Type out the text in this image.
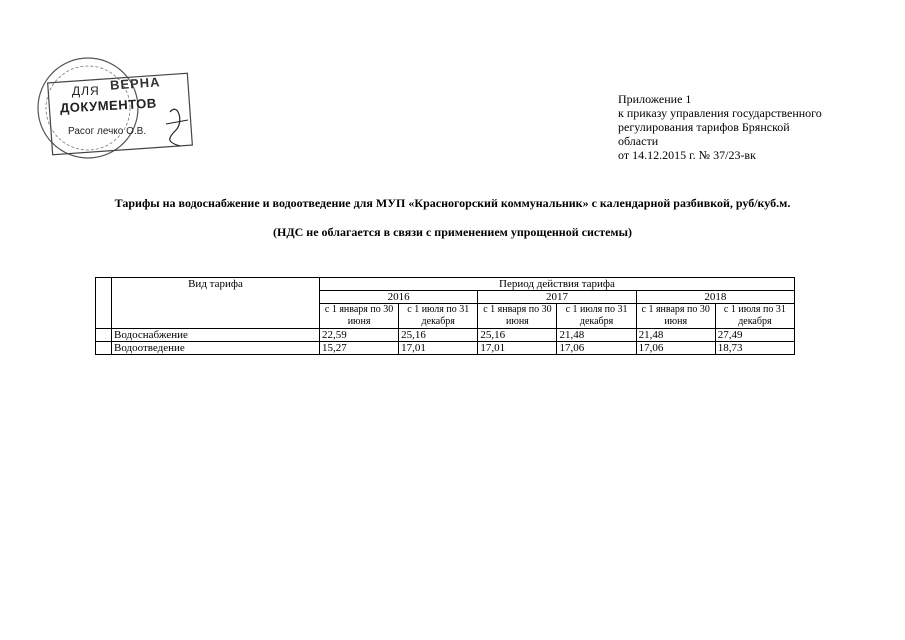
ВЕРНА
ДЛЯ
ДОКУМЕНТОВ
Расог лечко О.В.
Приложение 1
к приказу управления государственного
регулирования тарифов Брянской
области
от 14.12.2015 г. № 37/23-вк
Тарифы на водоснабжение и водоотведение для МУП «Красногорский коммунальник» с календарной разбивкой, руб/куб.м.
(НДС не облагается в связи с применением упрощенной системы)
	Вид тарифа	Период действия тарифа					
		2016		2017		2018	
		с 1 января по 30 июня	с 1 июля по 31 декабря	с 1 января по 30 июня	с 1 июля по 31 декабря	с 1 января по 30 июня	с 1 июля по 31 декабря
	Водоснабжение	22,59	25,16	25,16	21,48	21,48	27,49
	Водоотведение	15,27	17,01	17,01	17,06	17,06	18,73
